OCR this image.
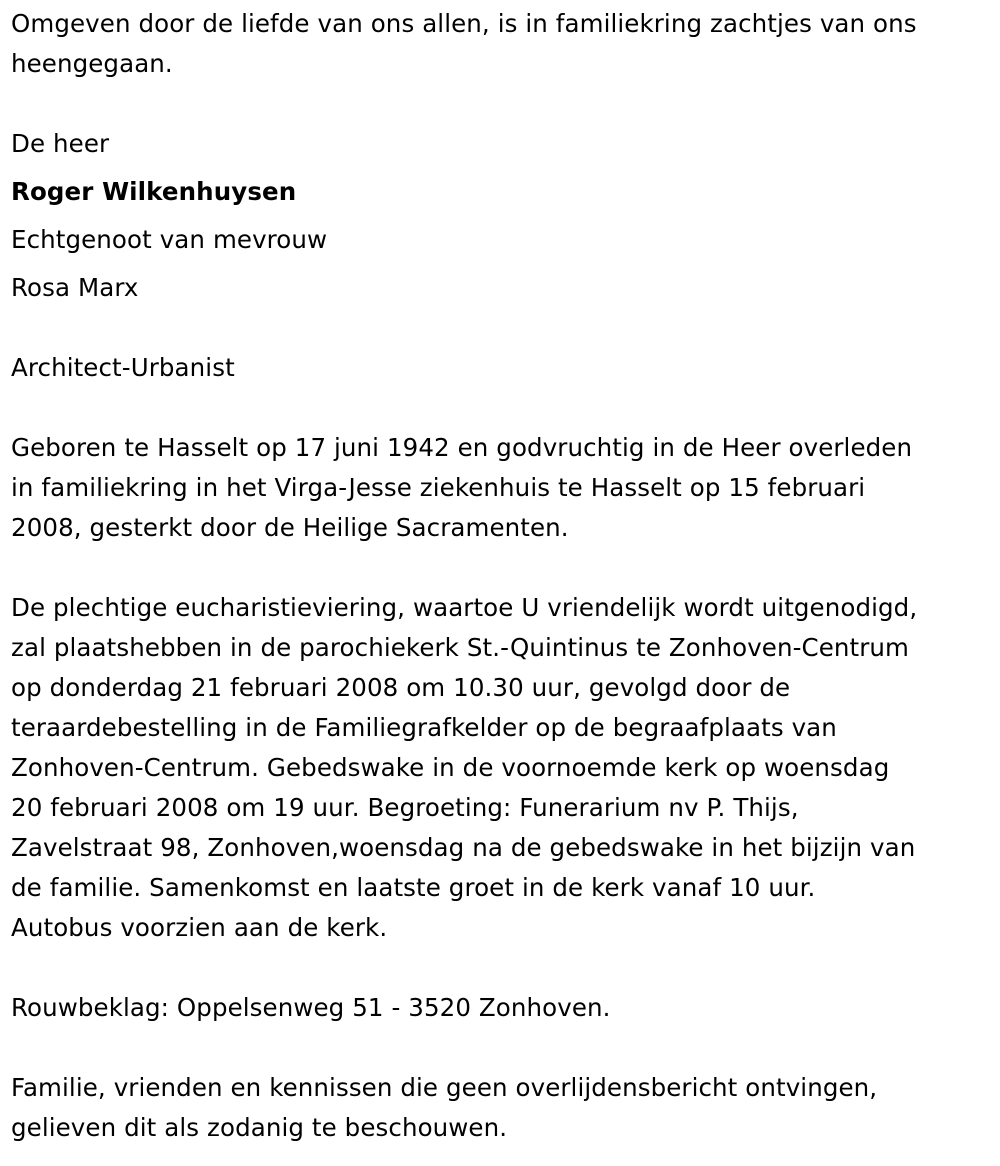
Omgeven door de liefde van ons allen, is in familiekring zachtjes van ons
heengegaan.

De heer

Roger Wilkenhuysen

Echtgenoot van mevrouw

Rosa Marx

Architect-Urbanist

Geboren te Hasselt op 17 juni 1942 en godvruchtig in de Heer overleden
in familiekring in het Virga-Jesse ziekenhuis te Hasselt op 15 februari
2008, gesterkt door de Heilige Sacramenten.

De plechtige eucharistieviering, waartoe U vriendelijk wordt uitgenodigd,
zal plaatshebben in de parochiekerk St.-Quintinus te Zonhoven-Centrum
op donderdag 21 februari 2008 om 10.30 uur, gevolgd door de
teraardebestelling in de Familiegrafkelder op de begraafplaats van
Zonhoven-Centrum. Gebedswake in de voornoemde kerk op woensdag
20 februari 2008 om 19 uur. Begroeting: Funerarium nv P. Thijs,
Zavelstraat 98, Zonhoven,woensdag na de gebedswake in het bijzijn van
de familie. Samenkomst en laatste groet in de kerk vanaf 10 uur.
Autobus voorzien aan de kerk.

Rouwbeklag: Oppelsenweg 51 - 3520 Zonhoven.

Familie, vrienden en kennissen die geen overlijdensbericht ontvingen,
gelieven dit als zodanig te beschouwen.
